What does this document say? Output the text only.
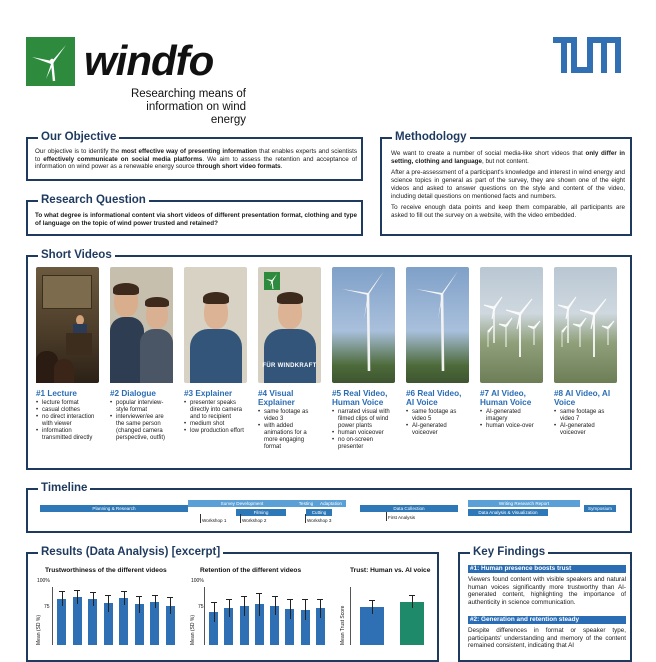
windfo
Researching means of information on wind energy
Our Objective
Our objective is to identify the most effective way of presenting information that enables experts and scientists to effectively communicate on social media platforms. We aim to assess the retention and acceptance of information on wind power as a renewable energy source through short video formats.
Research Question
To what degree is informational content via short videos of different presentation format, clothing and type of language on the topic of wind power trusted and retained?
Methodology

We want to create a number of social media-like short videos that only differ in setting, clothing and language, but not content.

After a pre-assessment of a participant's knowledge and interest in wind energy and science topics in general as part of the survey, they are shown one of the eight videos and asked to answer questions on the style and content of the video, including detail questions on mentioned facts and numbers.

To receive enough data points and keep them comparable, all participants are asked to fill out the survey on a website, with the video embedded.

Short Videos
#1 Lecture
• lecture format
• casual clothes
• no direct interaction with viewer
• information transmitted directly
#2 Dialogue
• popular interview-style format
• interviewer/ee are the same person (changed camera perspective, outfit)
#3 Explainer
• presenter speaks directly into camera and to recipient
• medium shot
• low production effort
FÜR WINDKRAFT
#4 Visual Explainer
• same footage as video 3
• with added animations for a more engaging format
#5 Real Video, Human Voice
• narrated visual with filmed clips of wind power plants
• human voiceover
• no on-screen presenter
#6 Real Video, AI Voice
• same footage as video 5
• AI-generated voiceover
#7 AI Video, Human Voice
• AI-generated imagery
• human voice-over
#8 AI Video, AI Voice
• same footage as video 7
• AI-generated voiceover
Timeline
Planning & Research
Survey Development	Testing	Adaptation
Filming	Cutting
Data Collection
Writing Research Report
Data Analysis & Visualization
Symposium
Workshop 1	Workshop 2	Workshop 3
First Analysis
Results (Data Analysis) [excerpt]
Trustworthiness of the different videos
100%
75
Mean (SD %)
Retention of the different videos
100%
75
Mean (SD %)
Trust: Human vs. AI voice
Mean Trust Score
Key Findings
#1: Human presence boosts trust
Viewers found content with visible speakers and natural human voices significantly more trustworthy than AI-generated content, highlighting the importance of authenticity in science communication.
#2: Generation and retention steady
Despite differences in format or speaker type, participants' understanding and memory of the content remained consistent, indicating that AI
